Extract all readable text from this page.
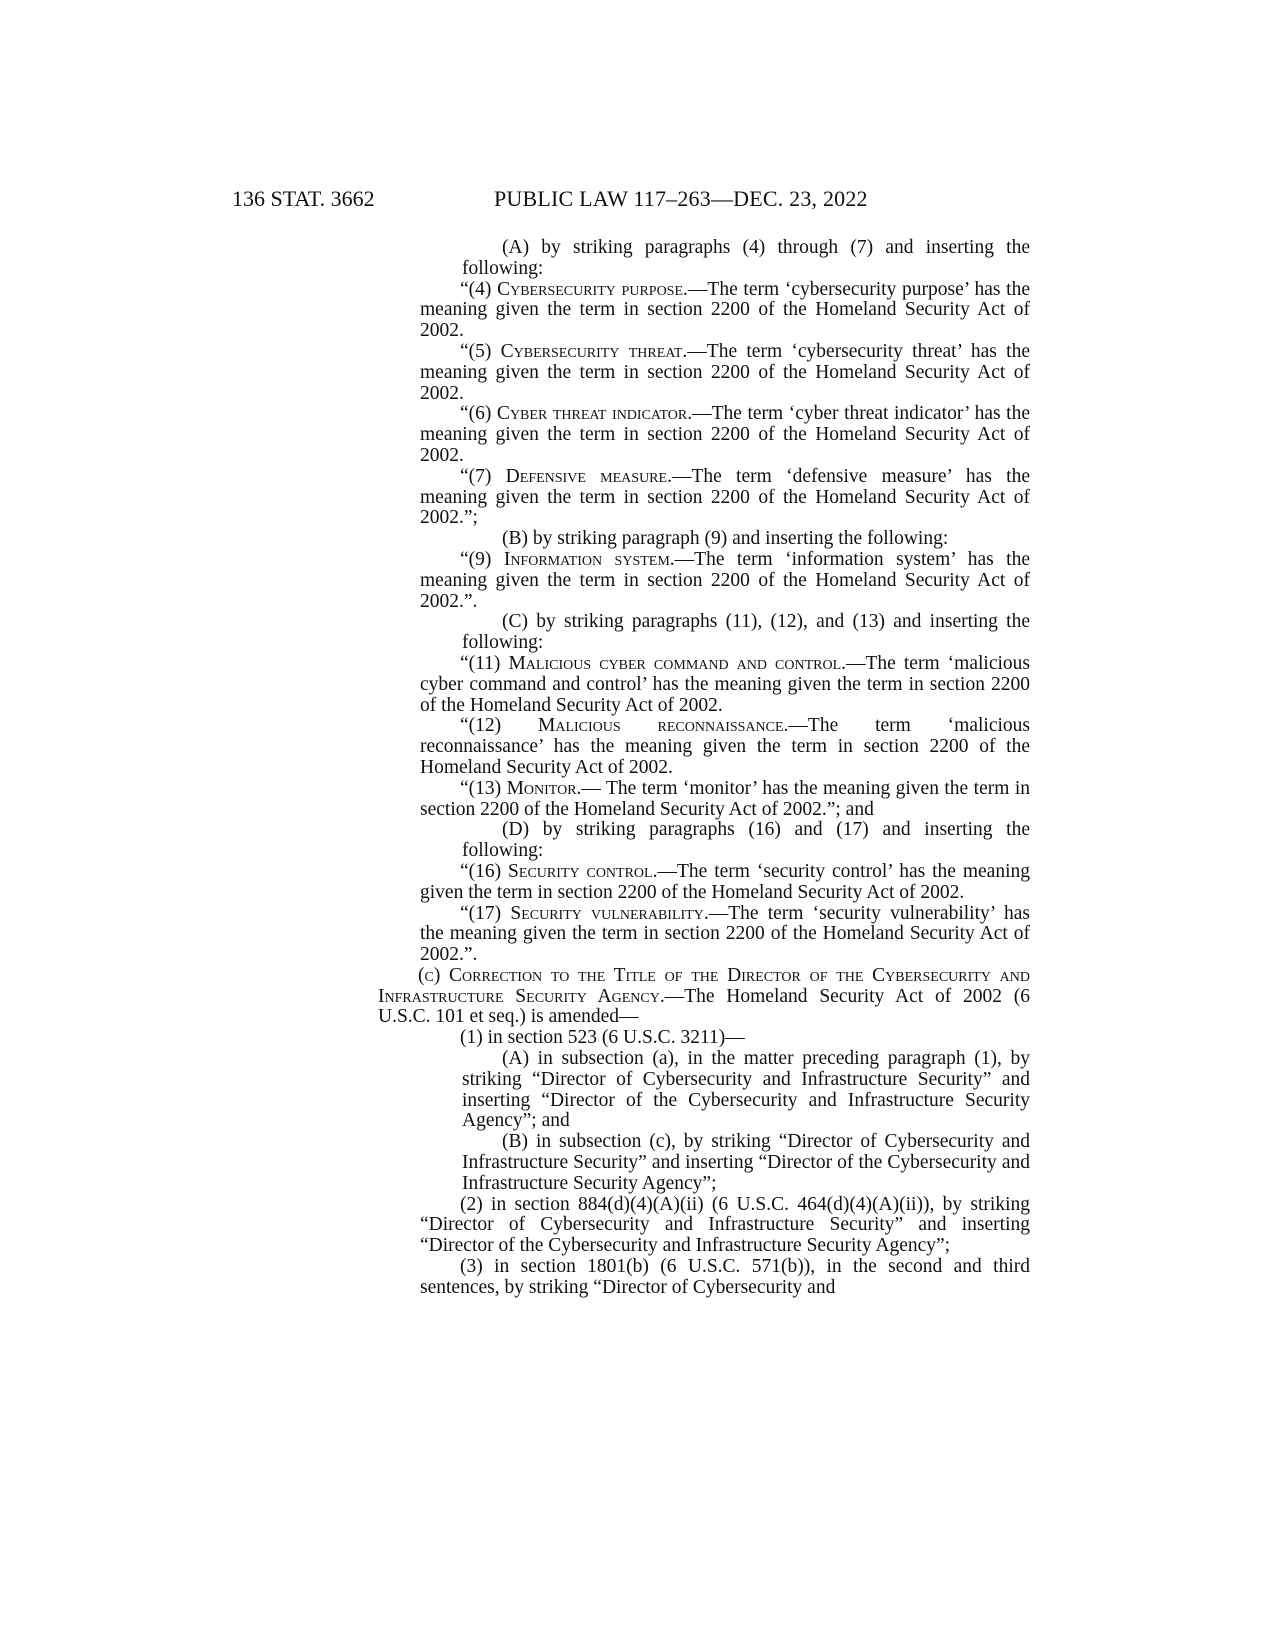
136 STAT. 3662	PUBLIC LAW 117–263—DEC. 23, 2022

(A) by striking paragraphs (4) through (7) and inserting the following:

“(4) Cybersecurity purpose.—The term ‘cybersecurity purpose’ has the meaning given the term in section 2200 of the Homeland Security Act of 2002.

“(5) Cybersecurity threat.—The term ‘cybersecurity threat’ has the meaning given the term in section 2200 of the Homeland Security Act of 2002.

“(6) Cyber threat indicator.—The term ‘cyber threat indicator’ has the meaning given the term in section 2200 of the Homeland Security Act of 2002.

“(7) Defensive measure.—The term ‘defensive measure’ has the meaning given the term in section 2200 of the Homeland Security Act of 2002.”;

(B) by striking paragraph (9) and inserting the following:

“(9) Information system.—The term ‘information system’ has the meaning given the term in section 2200 of the Homeland Security Act of 2002.”.

(C) by striking paragraphs (11), (12), and (13) and inserting the following:

“(11) Malicious cyber command and control.—The term ‘malicious cyber command and control’ has the meaning given the term in section 2200 of the Homeland Security Act of 2002.

“(12) Malicious reconnaissance.—The term ‘malicious reconnaissance’ has the meaning given the term in section 2200 of the Homeland Security Act of 2002.

“(13) Monitor.— The term ‘monitor’ has the meaning given the term in section 2200 of the Homeland Security Act of 2002.”; and

(D) by striking paragraphs (16) and (17) and inserting the following:

“(16) Security control.—The term ‘security control’ has the meaning given the term in section 2200 of the Homeland Security Act of 2002.

“(17) Security vulnerability.—The term ‘security vulnerability’ has the meaning given the term in section 2200 of the Homeland Security Act of 2002.”.

(c) Correction to the Title of the Director of the Cybersecurity and Infrastructure Security Agency.—The Homeland Security Act of 2002 (6 U.S.C. 101 et seq.) is amended—

(1) in section 523 (6 U.S.C. 3211)—

(A) in subsection (a), in the matter preceding paragraph (1), by striking “Director of Cybersecurity and Infrastructure Security” and inserting “Director of the Cybersecurity and Infrastructure Security Agency”; and

(B) in subsection (c), by striking “Director of Cybersecurity and Infrastructure Security” and inserting “Director of the Cybersecurity and Infrastructure Security Agency”;

(2) in section 884(d)(4)(A)(ii) (6 U.S.C. 464(d)(4)(A)(ii)), by striking “Director of Cybersecurity and Infrastructure Security” and inserting “Director of the Cybersecurity and Infrastructure Security Agency”;

(3) in section 1801(b) (6 U.S.C. 571(b)), in the second and third sentences, by striking “Director of Cybersecurity and
